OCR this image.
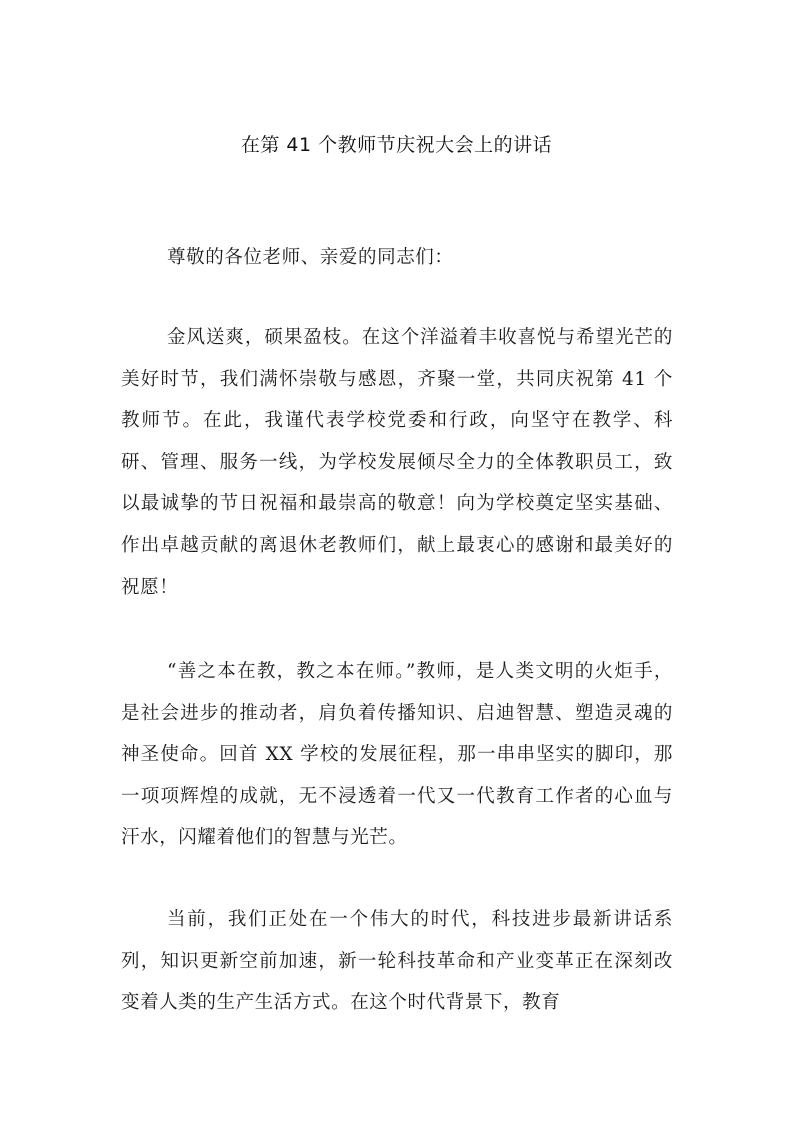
在第 41 个教师节庆祝大会上的讲话

尊敬的各位老师、亲爱的同志们：

金风送爽，硕果盈枝。在这个洋溢着丰收喜悦与希望光芒的美好时节，我们满怀崇敬与感恩，齐聚一堂，共同庆祝第 41 个教师节。在此，我谨代表学校党委和行政，向坚守在教学、科研、管理、服务一线，为学校发展倾尽全力的全体教职员工，致以最诚挚的节日祝福和最崇高的敬意！向为学校奠定坚实基础、作出卓越贡献的离退休老教师们，献上最衷心的感谢和最美好的祝愿！

“善之本在教，教之本在师。”教师，是人类文明的火炬手，是社会进步的推动者，肩负着传播知识、启迪智慧、塑造灵魂的神圣使命。回首 XX 学校的发展征程，那一串串坚实的脚印，那一项项辉煌的成就，无不浸透着一代又一代教育工作者的心血与汗水，闪耀着他们的智慧与光芒。

当前，我们正处在一个伟大的时代，科技进步最新讲话系列，知识更新空前加速，新一轮科技革命和产业变革正在深刻改变着人类的生产生活方式。在这个时代背景下，教育
